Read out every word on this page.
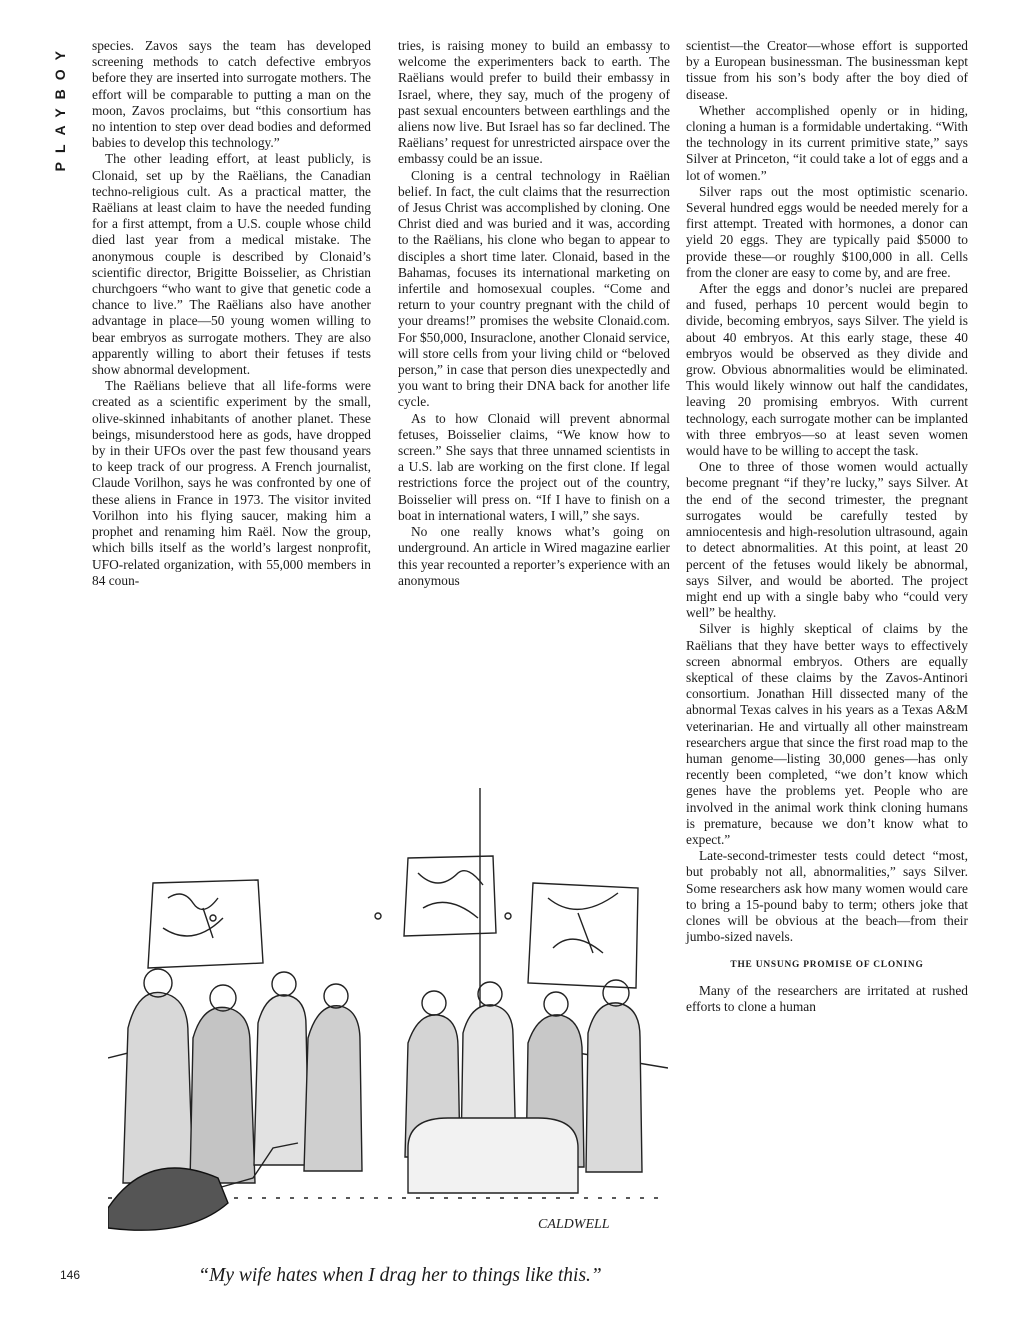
PLAYBOY species. Zavos says the team has developed screening methods to catch defective embryos before they are inserted into surrogate mothers. The effort will be comparable to putting a man on the moon, Zavos proclaims, but “this consortium has no intention to step over dead bodies and deformed babies to develop this technology.”

The other leading effort, at least publicly, is Clonaid, set up by the Raëlians, the Canadian techno-religious cult. As a practical matter, the Raëlians at least claim to have the needed funding for a first attempt, from a U.S. couple whose child died last year from a medical mistake. The anonymous couple is described by Clonaid’s scientific director, Brigitte Boisselier, as Christian churchgoers “who want to give that genetic code a chance to live.” The Raëlians also have another advantage in place—50 young women willing to bear embryos as surrogate mothers. They are also apparently willing to abort their fetuses if tests show abnormal development.

The Raëlians believe that all life-forms were created as a scientific experiment by the small, olive-skinned inhabitants of another planet. These beings, misunderstood here as gods, have dropped by in their UFOs over the past few thousand years to keep track of our progress. A French journalist, Claude Vorilhon, says he was confronted by one of these aliens in France in 1973. The visitor invited Vorilhon into his flying saucer, making him a prophet and renaming him Raël. Now the group, which bills itself as the world’s largest nonprofit, UFO-related organization, with 55,000 members in 84 coun-

tries, is raising money to build an embassy to welcome the experimenters back to earth. The Raëlians would prefer to build their embassy in Israel, where, they say, much of the progeny of past sexual encounters between earthlings and the aliens now live. But Israel has so far declined. The Raëlians’ request for unrestricted airspace over the embassy could be an issue.

Cloning is a central technology in Raëlian belief. In fact, the cult claims that the resurrection of Jesus Christ was accomplished by cloning. One Christ died and was buried and it was, according to the Raëlians, his clone who began to appear to disciples a short time later. Clonaid, based in the Bahamas, focuses its international marketing on infertile and homosexual couples. “Come and return to your country pregnant with the child of your dreams!” promises the website Clonaid.com. For $50,000, Insuraclone, another Clonaid service, will store cells from your living child or “beloved person,” in case that person dies unexpectedly and you want to bring their DNA back for another life cycle.

As to how Clonaid will prevent abnormal fetuses, Boisselier claims, “We know how to screen.” She says that three unnamed scientists in a U.S. lab are working on the first clone. If legal restrictions force the project out of the country, Boisselier will press on. “If I have to finish on a boat in international waters, I will,” she says.

No one really knows what’s going on underground. An article in Wired magazine earlier this year recounted a reporter’s experience with an anonymous

scientist—the Creator—whose effort is supported by a European businessman. The businessman kept tissue from his son’s body after the boy died of disease.

Whether accomplished openly or in hiding, cloning a human is a formidable undertaking. “With the technology in its current primitive state,” says Silver at Princeton, “it could take a lot of eggs and a lot of women.”

Silver raps out the most optimistic scenario. Several hundred eggs would be needed merely for a first attempt. Treated with hormones, a donor can yield 20 eggs. They are typically paid $5000 to provide these—or roughly $100,000 in all. Cells from the cloner are easy to come by, and are free.

After the eggs and donor’s nuclei are prepared and fused, perhaps 10 percent would begin to divide, becoming embryos, says Silver. The yield is about 40 embryos. At this early stage, these 40 embryos would be observed as they divide and grow. Obvious abnormalities would be eliminated. This would likely winnow out half the candidates, leaving 20 promising embryos. With current technology, each surrogate mother can be implanted with three embryos—so at least seven women would have to be willing to accept the task.

One to three of those women would actually become pregnant “if they’re lucky,” says Silver. At the end of the second trimester, the pregnant surrogates would be carefully tested by amniocentesis and high-resolution ultrasound, again to detect abnormalities. At this point, at least 20 percent of the fetuses would likely be abnormal, says Silver, and would be aborted. The project might end up with a single baby who “could very well” be healthy.

Silver is highly skeptical of claims by the Raëlians that they have better ways to effectively screen abnormal embryos. Others are equally skeptical of these claims by the Zavos-Antinori consortium. Jonathan Hill dissected many of the abnormal Texas calves in his years as a Texas A&M veterinarian. He and virtually all other mainstream researchers argue that since the first road map to the human genome—listing 30,000 genes—has only recently been completed, “we don’t know which genes have the problems yet. People who are involved in the animal work think cloning humans is premature, because we don’t know what to expect.”

Late-second-trimester tests could detect “most, but probably not all, abnormalities,” says Silver. Some researchers ask how many women would care to bring a 15-pound baby to term; others joke that clones will be obvious at the beach—from their jumbo-sized navels.

THE UNSUNG PROMISE OF CLONING

Many of the researchers are irritated at rushed efforts to clone a human

CALDWELL
“My wife hates when I drag her to things like this.”
146
